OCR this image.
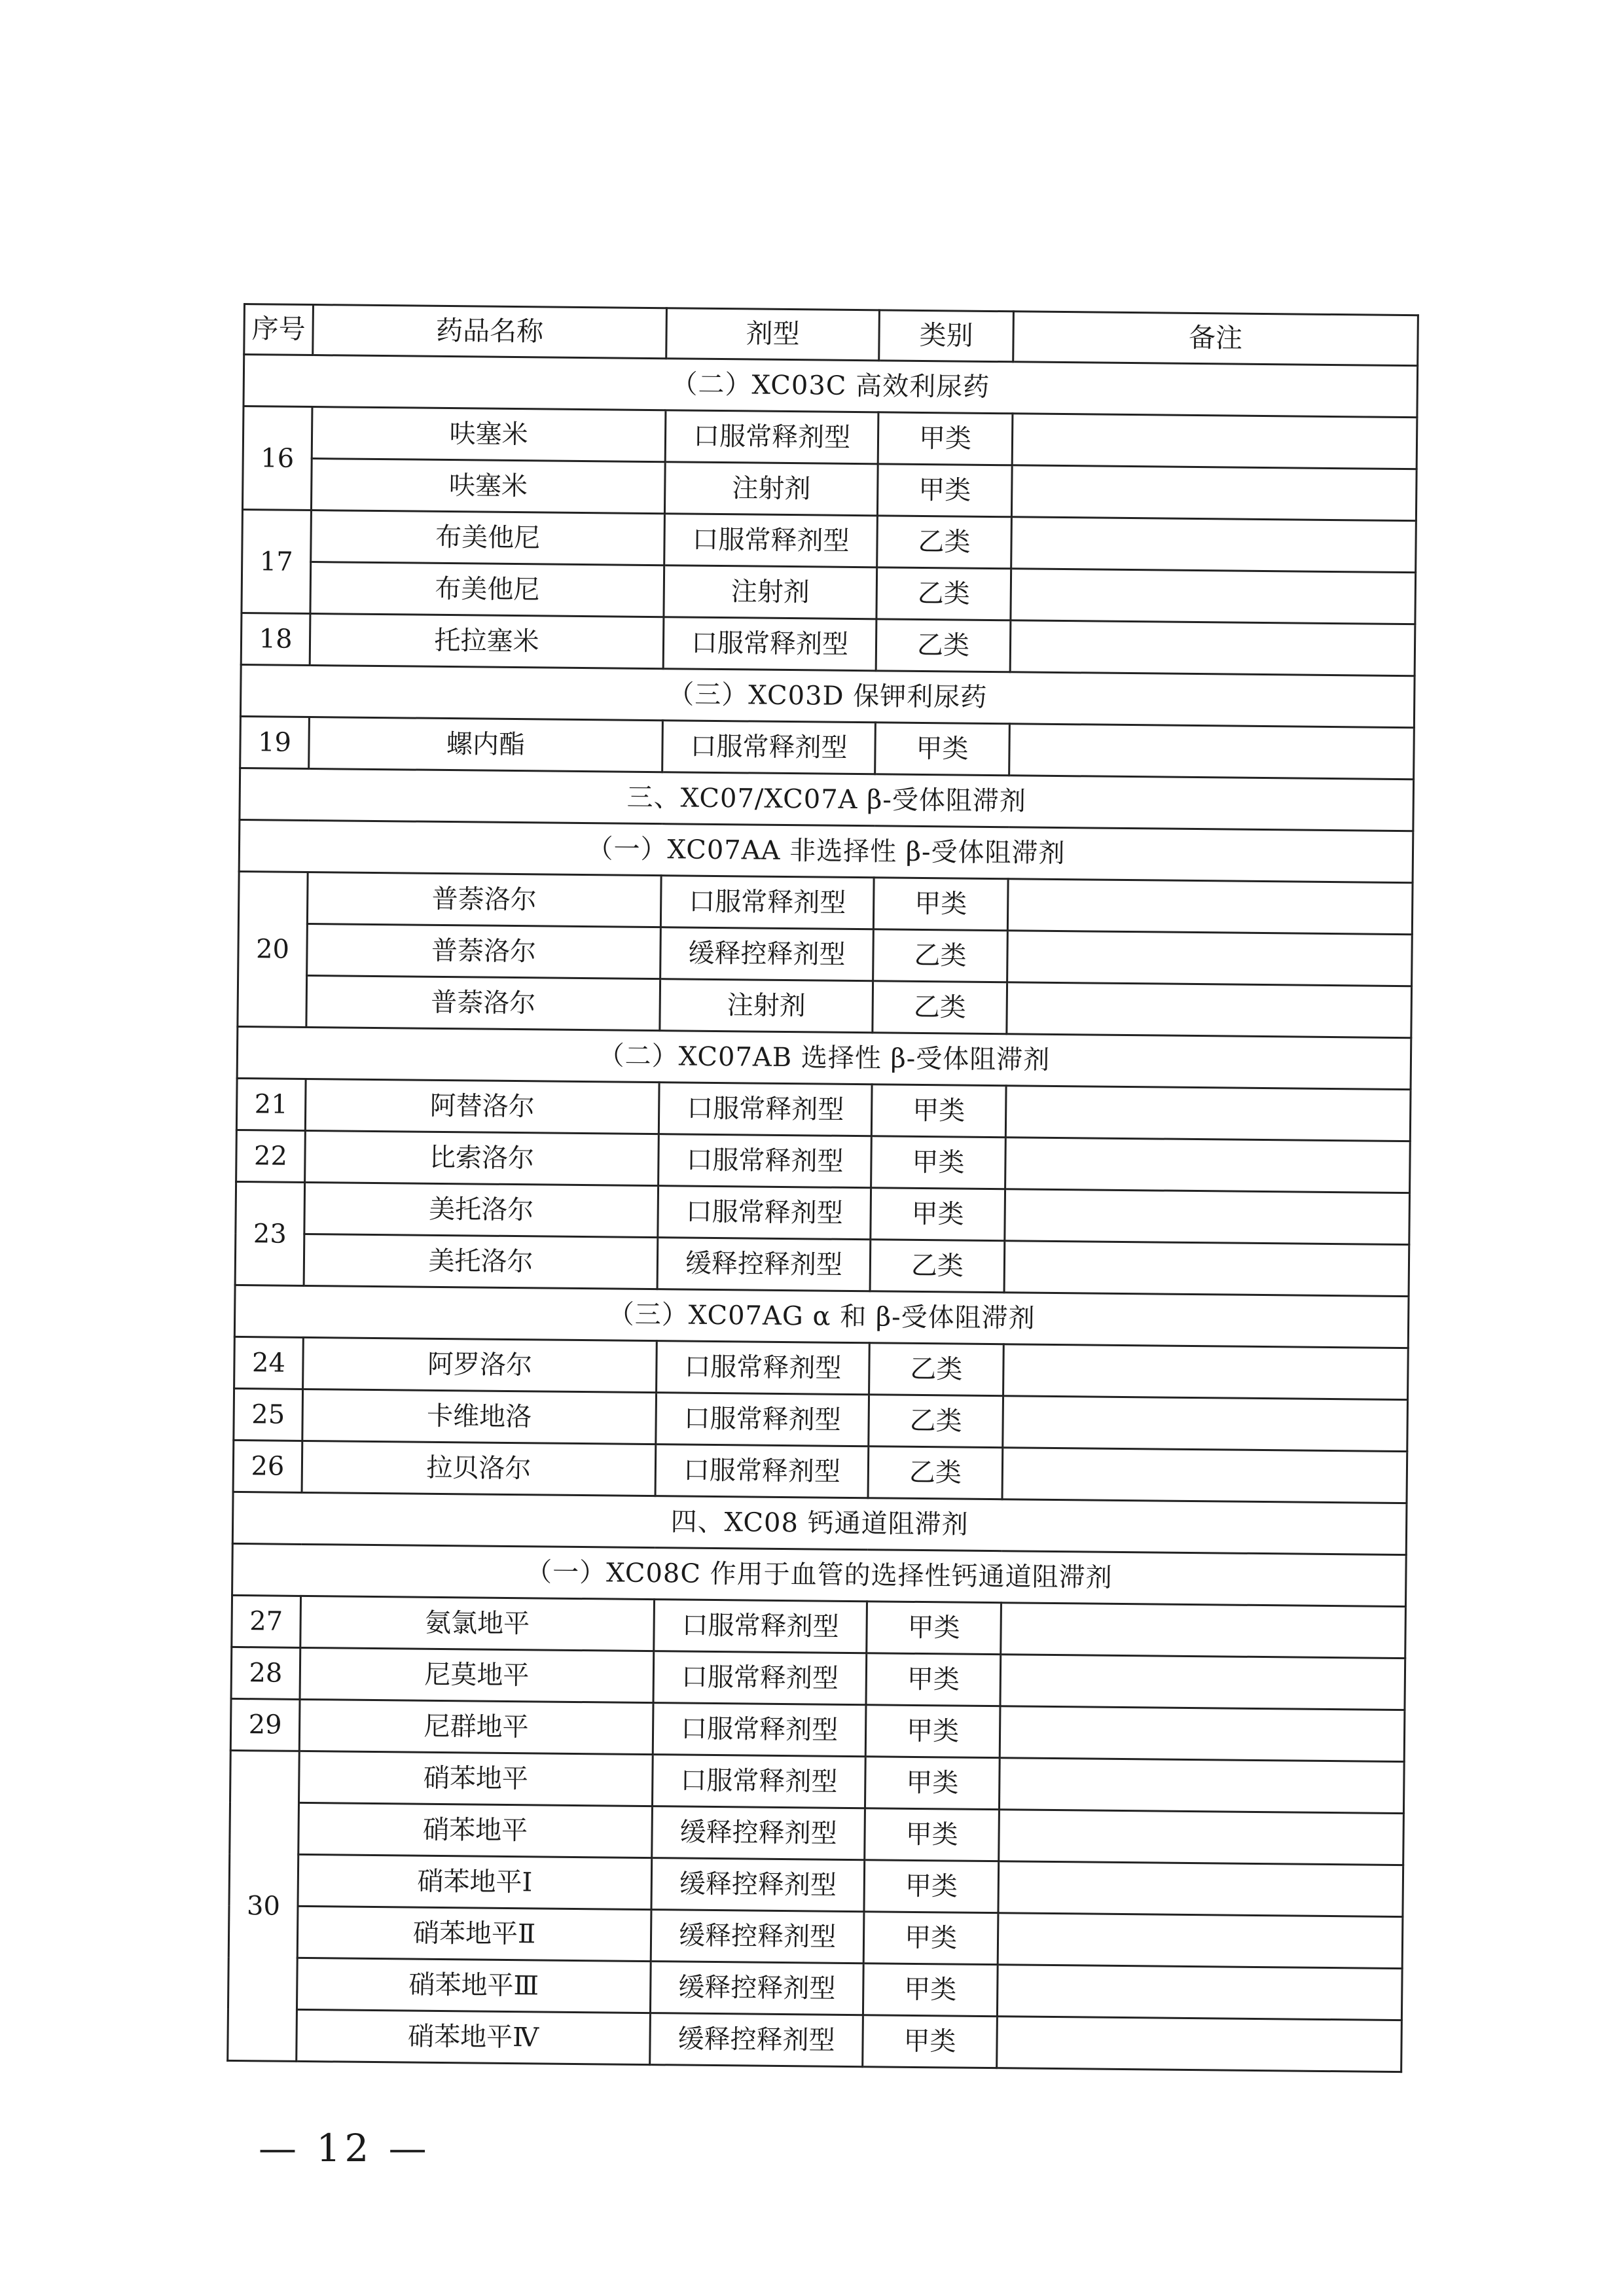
序号	药品名称	剂型	类别	备注
（二）XC03C 高效利尿药				
16	呋塞米	口服常释剂型	甲类	
	呋塞米	注射剂	甲类	
17	布美他尼	口服常释剂型	乙类	
	布美他尼	注射剂	乙类	
18	托拉塞米	口服常释剂型	乙类	
（三）XC03D 保钾利尿药				
19	螺内酯	口服常释剂型	甲类	
三、XC07/XC07A β-受体阻滞剂				
（一）XC07AA 非选择性 β-受体阻滞剂				
20	普萘洛尔	口服常释剂型	甲类	
	普萘洛尔	缓释控释剂型	乙类	
	普萘洛尔	注射剂	乙类	
（二）XC07AB 选择性 β-受体阻滞剂				
21	阿替洛尔	口服常释剂型	甲类	
22	比索洛尔	口服常释剂型	甲类	
23	美托洛尔	口服常释剂型	甲类	
	美托洛尔	缓释控释剂型	乙类	
（三）XC07AG α 和 β-受体阻滞剂				
24	阿罗洛尔	口服常释剂型	乙类	
25	卡维地洛	口服常释剂型	乙类	
26	拉贝洛尔	口服常释剂型	乙类	
四、XC08 钙通道阻滞剂				
（一）XC08C 作用于血管的选择性钙通道阻滞剂				
27	氨氯地平	口服常释剂型	甲类	
28	尼莫地平	口服常释剂型	甲类	
29	尼群地平	口服常释剂型	甲类	
30	硝苯地平	口服常释剂型	甲类	
	硝苯地平	缓释控释剂型	甲类	
	硝苯地平Ⅰ	缓释控释剂型	甲类	
	硝苯地平Ⅱ	缓释控释剂型	甲类	
	硝苯地平Ⅲ	缓释控释剂型	甲类	
	硝苯地平Ⅳ	缓释控释剂型	甲类	
— 12 —
